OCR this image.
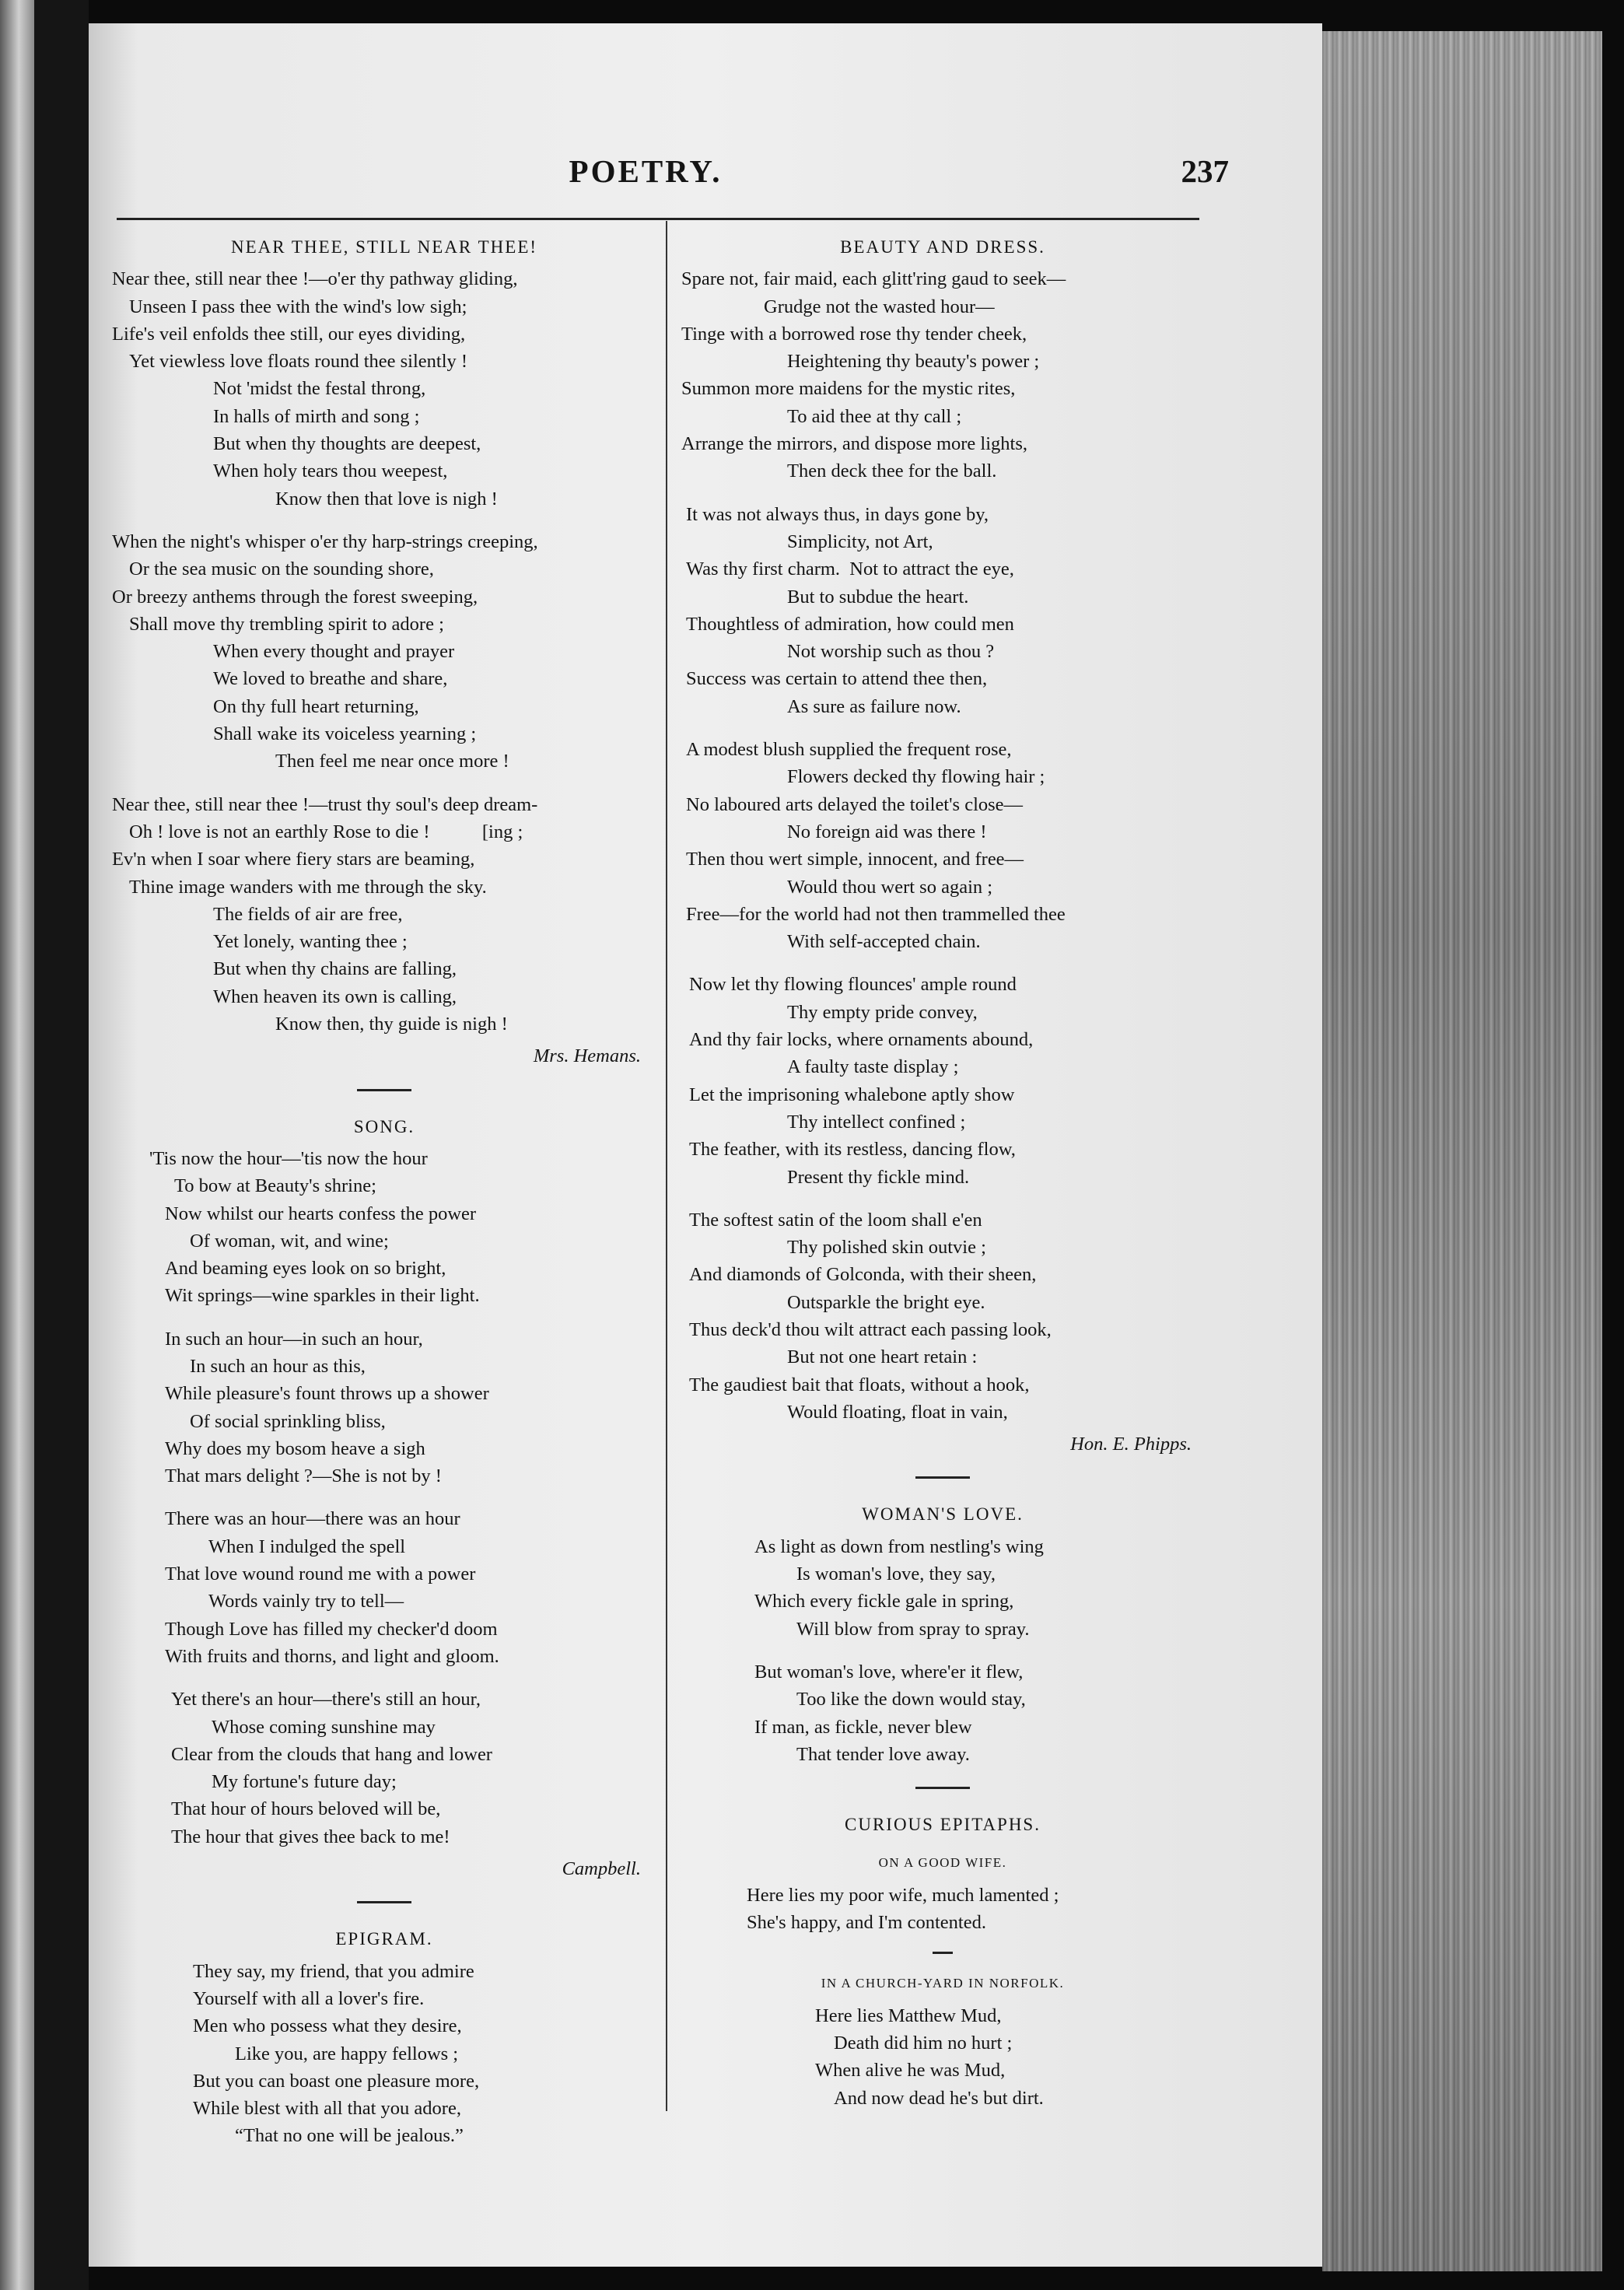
POETRY.	237
NEAR THEE, STILL NEAR THEE!
Near thee, still near thee !—o'er thy pathway gliding,
Unseen I pass thee with the wind's low sigh;
Life's veil enfolds thee still, our eyes dividing,
Yet viewless love floats round thee silently !
Not 'midst the festal throng,
In halls of mirth and song ;
But when thy thoughts are deepest,
When holy tears thou weepest,
Know then that love is nigh !
When the night's whisper o'er thy harp-strings creeping,
Or the sea music on the sounding shore,
Or breezy anthems through the forest sweeping,
Shall move thy trembling spirit to adore ;
When every thought and prayer
We loved to breathe and share,
On thy full heart returning,
Shall wake its voiceless yearning ;
Then feel me near once more !
Near thee, still near thee !—trust thy soul's deep dream-
Oh ! love is not an earthly Rose to die !           [ing ;
Ev'n when I soar where fiery stars are beaming,
Thine image wanders with me through the sky.
The fields of air are free,
Yet lonely, wanting thee ;
But when thy chains are falling,
When heaven its own is calling,
Know then, thy guide is nigh !
Mrs. Hemans.
SONG.
'Tis now the hour—'tis now the hour
To bow at Beauty's shrine;
Now whilst our hearts confess the power
Of woman, wit, and wine;
And beaming eyes look on so bright,
Wit springs—wine sparkles in their light.
In such an hour—in such an hour,
In such an hour as this,
While pleasure's fount throws up a shower
Of social sprinkling bliss,
Why does my bosom heave a sigh
That mars delight ?—She is not by !
There was an hour—there was an hour
When I indulged the spell
That love wound round me with a power
Words vainly try to tell—
Though Love has filled my checker'd doom
With fruits and thorns, and light and gloom.
Yet there's an hour—there's still an hour,
Whose coming sunshine may
Clear from the clouds that hang and lower
My fortune's future day;
That hour of hours beloved will be,
The hour that gives thee back to me!
Campbell.
EPIGRAM.
They say, my friend, that you admire
Yourself with all a lover's fire.
Men who possess what they desire,
Like you, are happy fellows ;
But you can boast one pleasure more,
While blest with all that you adore,
“That no one will be jealous.”
BEAUTY AND DRESS.
Spare not, fair maid, each glitt'ring gaud to seek—
Grudge not the wasted hour—
Tinge with a borrowed rose thy tender cheek,
Heightening thy beauty's power ;
Summon more maidens for the mystic rites,
To aid thee at thy call ;
Arrange the mirrors, and dispose more lights,
Then deck thee for the ball.
It was not always thus, in days gone by,
Simplicity, not Art,
Was thy first charm.  Not to attract the eye,
But to subdue the heart.
Thoughtless of admiration, how could men
Not worship such as thou ?
Success was certain to attend thee then,
As sure as failure now.
A modest blush supplied the frequent rose,
Flowers decked thy flowing hair ;
No laboured arts delayed the toilet's close—
No foreign aid was there !
Then thou wert simple, innocent, and free—
Would thou wert so again ;
Free—for the world had not then trammelled thee
With self-accepted chain.
Now let thy flowing flounces' ample round
Thy empty pride convey,
And thy fair locks, where ornaments abound,
A faulty taste display ;
Let the imprisoning whalebone aptly show
Thy intellect confined ;
The feather, with its restless, dancing flow,
Present thy fickle mind.
The softest satin of the loom shall e'en
Thy polished skin outvie ;
And diamonds of Golconda, with their sheen,
Outsparkle the bright eye.
Thus deck'd thou wilt attract each passing look,
But not one heart retain :
The gaudiest bait that floats, without a hook,
Would floating, float in vain,
Hon. E. Phipps.
WOMAN'S LOVE.
As light as down from nestling's wing
Is woman's love, they say,
Which every fickle gale in spring,
Will blow from spray to spray.
But woman's love, where'er it flew,
Too like the down would stay,
If man, as fickle, never blew
That tender love away.
CURIOUS EPITAPHS.
ON A GOOD WIFE.
Here lies my poor wife, much lamented ;
She's happy, and I'm contented.
IN A CHURCH-YARD IN NORFOLK.
Here lies Matthew Mud,
Death did him no hurt ;
When alive he was Mud,
And now dead he's but dirt.
